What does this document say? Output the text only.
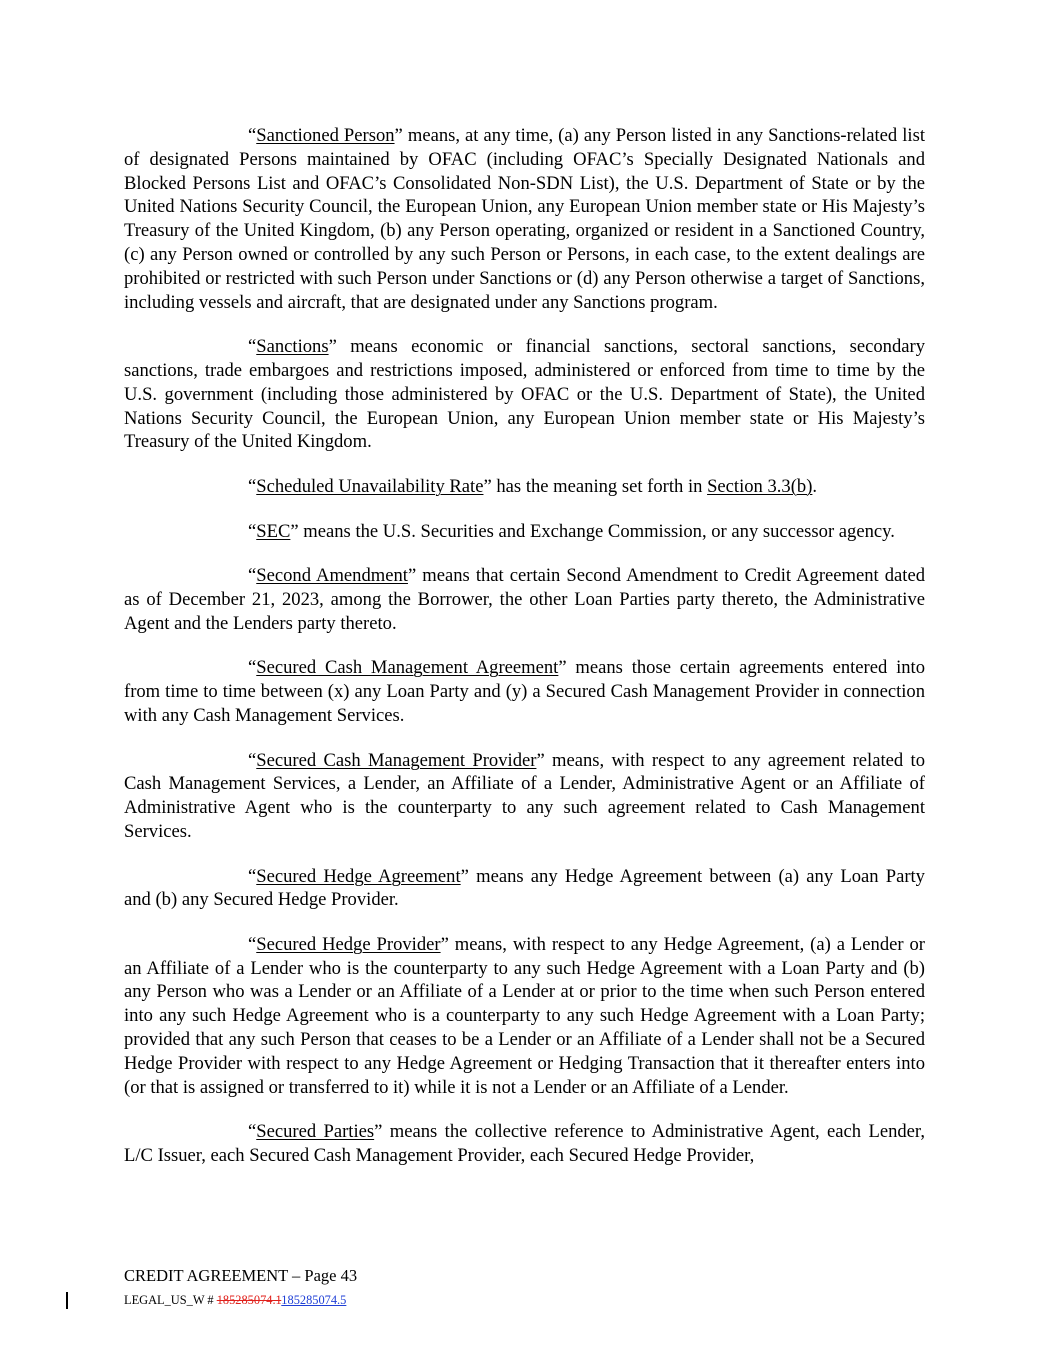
“Sanctioned Person” means, at any time, (a) any Person listed in any Sanctions-related list of designated Persons maintained by OFAC (including OFAC’s Specially Designated Nationals and Blocked Persons List and OFAC’s Consolidated Non-SDN List), the U.S. Department of State or by the United Nations Security Council, the European Union, any European Union member state or His Majesty’s Treasury of the United Kingdom, (b) any Person operating, organized or resident in a Sanctioned Country, (c) any Person owned or controlled by any such Person or Persons, in each case, to the extent dealings are prohibited or restricted with such Person under Sanctions or (d) any Person otherwise a target of Sanctions, including vessels and aircraft, that are designated under any Sanctions program.

“Sanctions” means economic or financial sanctions, sectoral sanctions, secondary sanctions, trade embargoes and restrictions imposed, administered or enforced from time to time by the U.S. government (including those administered by OFAC or the U.S. Department of State), the United Nations Security Council, the European Union, any European Union member state or His Majesty’s Treasury of the United Kingdom.

“Scheduled Unavailability Rate” has the meaning set forth in Section 3.3(b).

“SEC” means the U.S. Securities and Exchange Commission, or any successor agency.

“Second Amendment” means that certain Second Amendment to Credit Agreement dated as of December 21, 2023, among the Borrower, the other Loan Parties party thereto, the Administrative Agent and the Lenders party thereto.

“Secured Cash Management Agreement” means those certain agreements entered into from time to time between (x) any Loan Party and (y) a Secured Cash Management Provider in connection with any Cash Management Services.

“Secured Cash Management Provider” means, with respect to any agreement related to Cash Management Services, a Lender, an Affiliate of a Lender, Administrative Agent or an Affiliate of Administrative Agent who is the counterparty to any such agreement related to Cash Management Services.

“Secured Hedge Agreement” means any Hedge Agreement between (a) any Loan Party and (b) any Secured Hedge Provider.

“Secured Hedge Provider” means, with respect to any Hedge Agreement, (a) a Lender or an Affiliate of a Lender who is the counterparty to any such Hedge Agreement with a Loan Party and (b) any Person who was a Lender or an Affiliate of a Lender at or prior to the time when such Person entered into any such Hedge Agreement who is a counterparty to any such Hedge Agreement with a Loan Party; provided that any such Person that ceases to be a Lender or an Affiliate of a Lender shall not be a Secured Hedge Provider with respect to any Hedge Agreement or Hedging Transaction that it thereafter enters into (or that is assigned or transferred to it) while it is not a Lender or an Affiliate of a Lender.

“Secured Parties” means the collective reference to Administrative Agent, each Lender, L/C Issuer, each Secured Cash Management Provider, each Secured Hedge Provider,

CREDIT AGREEMENT – Page 43
LEGAL_US_W # 185285074.1185285074.5
